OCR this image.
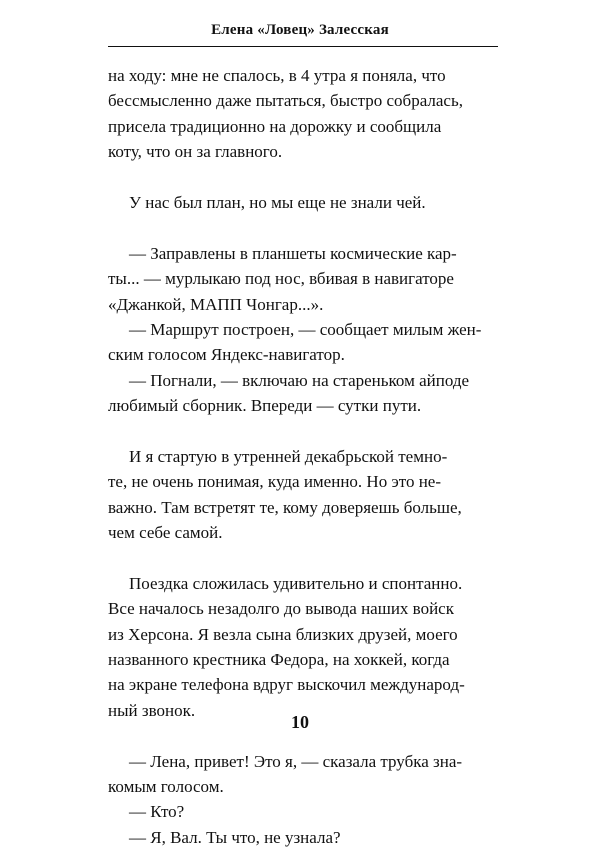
Елена «Ловец» Залесская
на ходу: мне не спалось, в 4 утра я поняла, что
бессмысленно даже пытаться, быстро собралась,
присела традиционно на дорожку и сообщила
коту, что он за главного.
У нас был план, но мы еще не знали чей.
— Заправлены в планшеты космические кар-
ты... — мурлыкаю под нос, вбивая в навигаторе
«Джанкой, МАПП Чонгар...».
— Маршрут построен, — сообщает милым жен-
ским голосом Яндекс-навигатор.
— Погнали, — включаю на стареньком айподе
любимый сборник. Впереди — сутки пути.
И я стартую в утренней декабрьской темно-
те, не очень понимая, куда именно. Но это не-
важно. Там встретят те, кому доверяешь больше,
чем себе самой.
Поездка сложилась удивительно и спонтанно.
Все началось незадолго до вывода наших войск
из Херсона. Я везла сына близких друзей, моего
названного крестника Федора, на хоккей, когда
на экране телефона вдруг выскочил международ-
ный звонок.
— Лена, привет! Это я, — сказала трубка зна-
комым голосом.
— Кто?
— Я, Вал. Ты что, не узнала?
10
